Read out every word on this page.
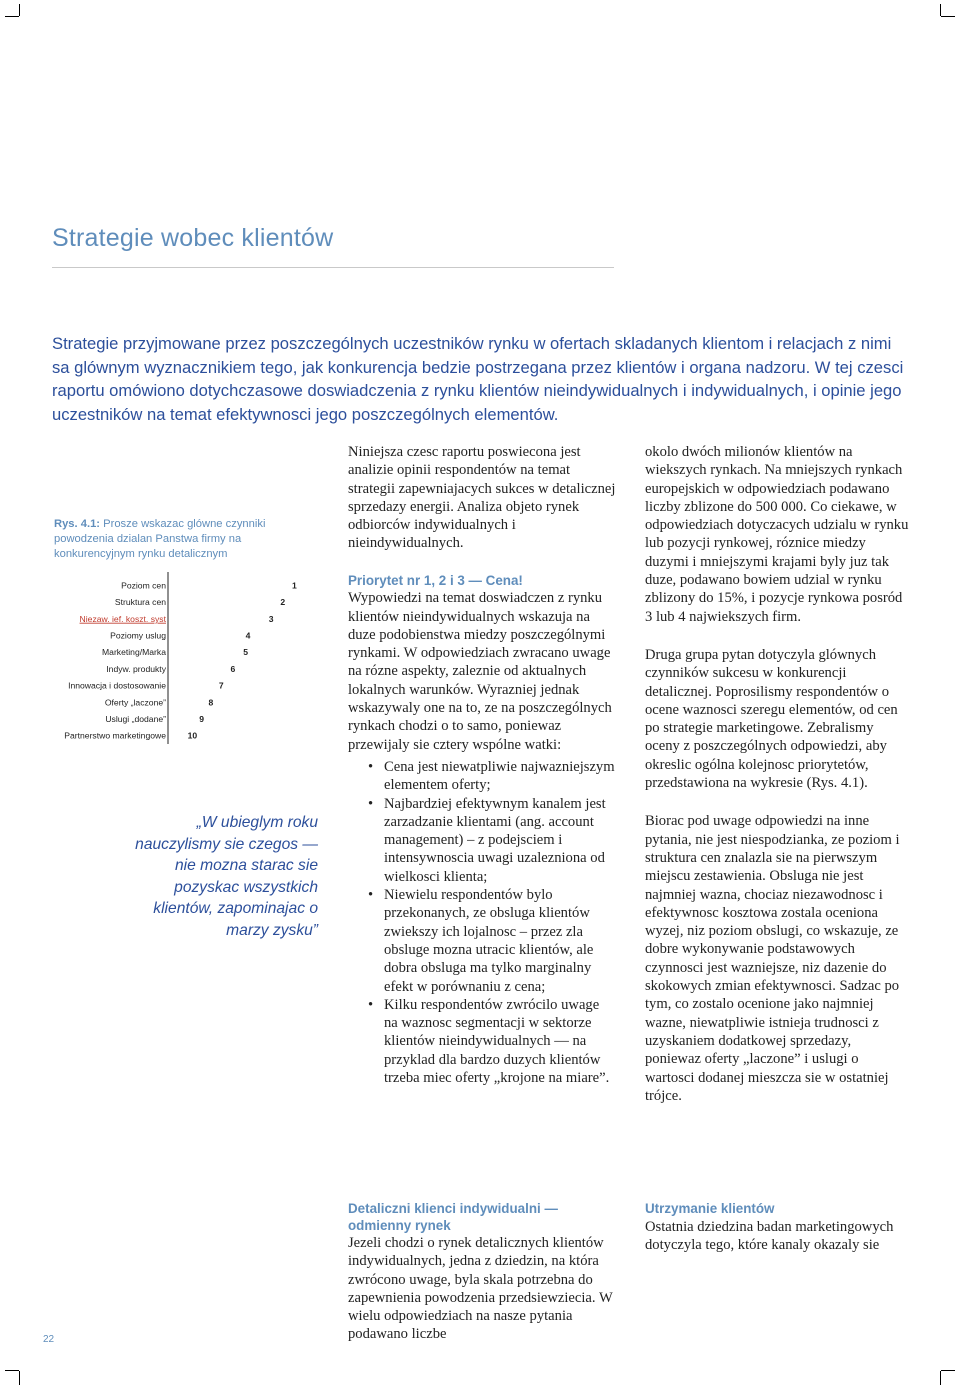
Strategie wobec klientów

Strategie przyjmowane przez poszczególnych uczestników rynku w ofertach skladanych klientom i relacjach z nimi sa glównym wyznacznikiem tego, jak konkurencja bedzie postrzegana przez klientów i organa nadzoru. W tej czesci raportu omówiono dotychczasowe doswiadczenia z rynku klientów nieindywidualnych i indywidualnych, i opinie jego uczestników na temat efektywnosci jego poszczególnych elementów.

Rys. 4.1: Prosze wskazac glówne czynniki powodzenia dzialan Panstwa firmy na konkurencyjnym rynku detalicznym
Poziom cen	1
Struktura cen	2
Niezaw. ief. koszt. syst	3
Poziomy uslug	4
Marketing/Marka	5
Indyw. produkty	6
Innowacja i dostosowanie	7
Oferty „laczone”	8
Uslugi „dodane”	9
Partnerstwo marketingowe	10

„W ubieglym roku nauczylismy sie czegos — nie mozna starac sie pozyskac wszystkich klientów, zapominajac o marzy zysku”

Niniejsza czesc raportu poswiecona jest analizie opinii respondentów na temat strategii zapewniajacych sukces w detalicznej sprzedazy energii. Analiza objeto rynek odbiorców indywidualnych i nieindywidualnych.

Priorytet nr 1, 2 i 3 — Cena!

Wypowiedzi na temat doswiadczen z rynku klientów nieindywidualnych wskazuja na duze podobienstwa miedzy poszczególnymi rynkami. W odpowiedziach zwracano uwage na rózne aspekty, zaleznie od aktualnych lokalnych warunków. Wyrazniej jednak wskazywaly one na to, ze na poszczególnych rynkach chodzi o to samo, poniewaz przewijaly sie cztery wspólne watki:

• Cena jest niewatpliwie najwazniejszym elementem oferty;
• Najbardziej efektywnym kanalem jest zarzadzanie klientami (ang. account management) – z podejsciem i intensywnoscia uwagi uzalezniona od wielkosci klienta;
• Niewielu respondentów bylo przekonanych, ze obsluga klientów zwiekszy ich lojalnosc – przez zla obsluge mozna utracic klientów, ale dobra obsluga ma tylko marginalny efekt w porównaniu z cena;
• Kilku respondentów zwrócilo uwage na waznosc segmentacji w sektorze klientów nieindywidualnych — na przyklad dla bardzo duzych klientów trzeba miec oferty „krojone na miare”.

Detaliczni klienci indywidualni — odmienny rynek

Jezeli chodzi o rynek detalicznych klientów indywidualnych, jedna z dziedzin, na która zwrócono uwage, byla skala potrzebna do zapewnienia powodzenia przedsiewziecia. W wielu odpowiedziach na nasze pytania podawano liczbe

okolo dwóch milionów klientów na wiekszych rynkach. Na mniejszych rynkach europejskich w odpowiedziach podawano liczby zblizone do 500 000. Co ciekawe, w odpowiedziach dotyczacych udzialu w rynku lub pozycji rynkowej, róznice miedzy duzymi i mniejszymi krajami byly juz tak duze, podawano bowiem udzial w rynku zblizony do 15%, i pozycje rynkowa posród 3 lub 4 najwiekszych firm.

Druga grupa pytan dotyczyla glównych czynników sukcesu w konkurencji detalicznej. Poprosilismy respondentów o ocene waznosci szeregu elementów, od cen po strategie marketingowe. Zebralismy oceny z poszczególnych odpowiedzi, aby okreslic ogólna kolejnosc priorytetów, przedstawiona na wykresie (Rys. 4.1).

Biorac pod uwage odpowiedzi na inne pytania, nie jest niespodzianka, ze poziom i struktura cen znalazla sie na pierwszym miejscu zestawienia. Obsluga nie jest najmniej wazna, chociaz niezawodnosc i efektywnosc kosztowa zostala oceniona wyzej, niz poziom obslugi, co wskazuje, ze dobre wykonywanie podstawowych czynnosci jest wazniejsze, niz dazenie do skokowych zmian efektywnosci. Sadzac po tym, co zostalo ocenione jako najmniej wazne, niewatpliwie istnieja trudnosci z uzyskaniem dodatkowej sprzedazy, poniewaz oferty „laczone” i uslugi o wartosci dodanej mieszcza sie w ostatniej trójce.

Utrzymanie klientów

Ostatnia dziedzina badan marketingowych dotyczyla tego, które kanaly okazaly sie

22
